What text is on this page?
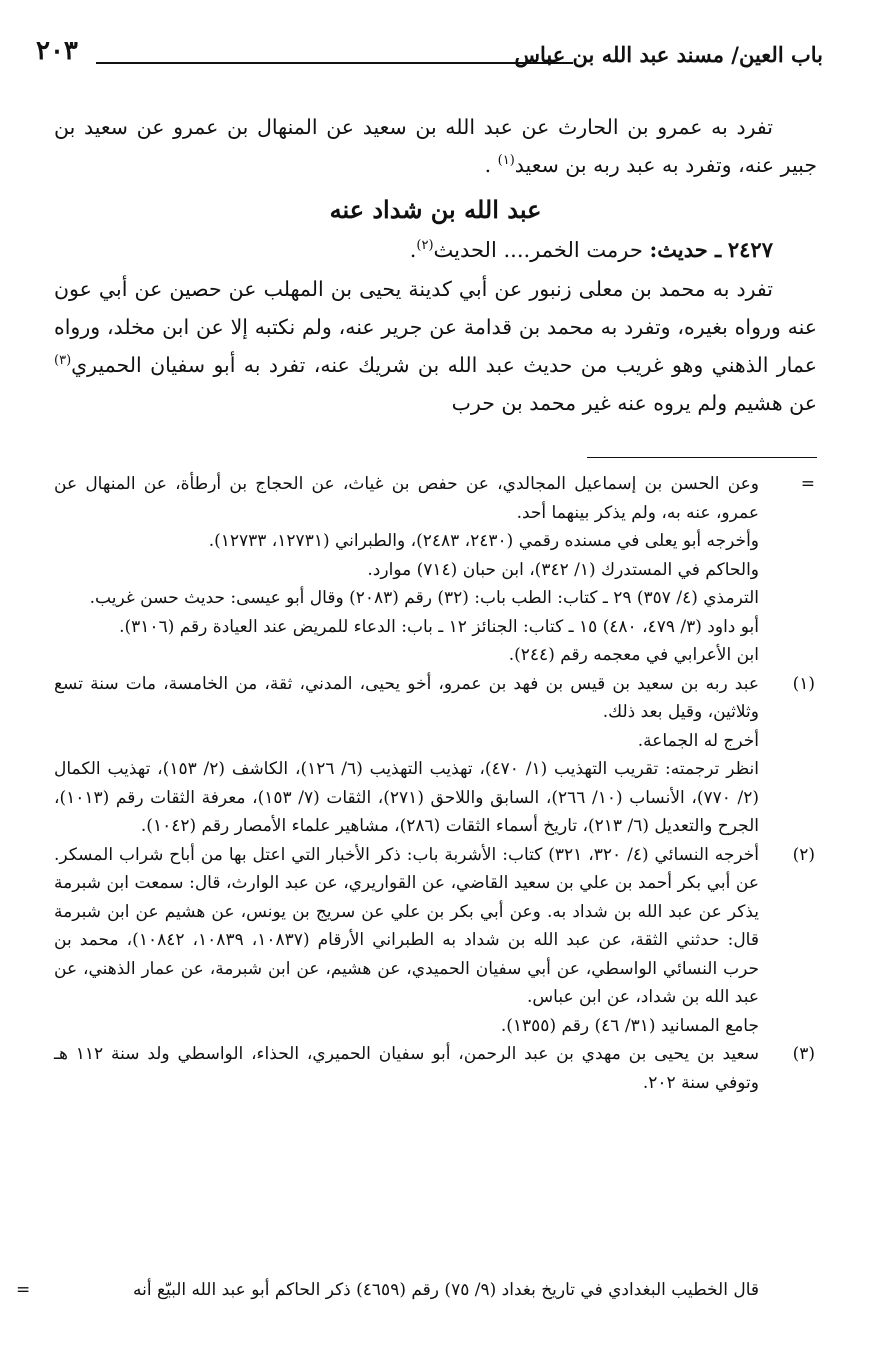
باب العين/ مسند عبد الله بن عباس
٢٠٣

تفرد به عمرو بن الحارث عن عبد الله بن سعيد عن المنهال بن عمرو عن سعيد بن جبير عنه، وتفرد به عبد ربه بن سعيد$^{(١)}$ .

عبد الله بن شداد عنه

٢٤٢٧ ـ حديث: حرمت الخمر.... الحديث$^{(٢)}$.

تفرد به محمد بن معلى زنبور عن أبي كدينة يحيى بن المهلب عن حصين عن أبي عون عنه ورواه بغيره، وتفرد به محمد بن قدامة عن جرير عنه، ولم نكتبه إلا عن ابن مخلد، ورواه عمار الذهني وهو غريب من حديث عبد الله بن شريك عنه، تفرد به أبو سفيان الحميري$^{(٣)}$ عن هشيم ولم يروه عنه غير محمد بن حرب

=
وعن الحسن بن إسماعيل المجالدي، عن حفص بن غياث، عن الحجاج بن أرطأة، عن المنهال عن عمرو، عنه به، ولم يذكر بينهما أحد.
وأخرجه أبو يعلى في مسنده رقمي (٢٤٣٠، ٢٤٨٣)، والطبراني (١٢٧٣١، ١٢٧٣٣).
والحاكم في المستدرك (١/ ٣٤٢)، ابن حبان (٧١٤) موارد.
الترمذي (٤/ ٣٥٧) ٢٩ ـ كتاب: الطب باب: (٣٢) رقم (٢٠٨٣) وقال أبو عيسى: حديث حسن غريب.
أبو داود (٣/ ٤٧٩، ٤٨٠) ١٥ ـ كتاب: الجنائز ١٢ ـ باب: الدعاء للمريض عند العيادة رقم (٣١٠٦).
ابن الأعرابي في معجمه رقم (٢٤٤).
(١)
عبد ربه بن سعيد بن قيس بن فهد بن عمرو، أخو يحيى، المدني، ثقة، من الخامسة، مات سنة تسع وثلاثين، وقيل بعد ذلك.
أخرج له الجماعة.
انظر ترجمته: تقريب التهذيب (١/ ٤٧٠)، تهذيب التهذيب (٦/ ١٢٦)، الكاشف (٢/ ١٥٣)، تهذيب الكمال (٢/ ٧٧٠)، الأنساب (١٠/ ٢٦٦)، السابق واللاحق (٢٧١)، الثقات (٧/ ١٥٣)، معرفة الثقات رقم (١٠١٣)، الجرح والتعديل (٦/ ٢١٣)، تاريخ أسماء الثقات (٢٨٦)، مشاهير علماء الأمصار رقم (١٠٤٢).
(٢)
أخرجه النسائي (٤/ ٣٢٠، ٣٢١) كتاب: الأشربة باب: ذكر الأخبار التي اعتل بها من أباح شراب المسكر. عن أبي بكر أحمد بن علي بن سعيد القاضي، عن القواريري، عن عبد الوارث، قال: سمعت ابن شبرمة يذكر عن عبد الله بن شداد به. وعن أبي بكر بن علي عن سريج بن يونس، عن هشيم عن ابن شبرمة قال: حدثني الثقة، عن عبد الله بن شداد به الطبراني الأرقام (١٠٨٣٧، ١٠٨٣٩، ١٠٨٤٢)، محمد بن حرب النسائي الواسطي، عن أبي سفيان الحميدي، عن هشيم، عن ابن شبرمة، عن عمار الذهني، عن عبد الله بن شداد، عن ابن عباس.
جامع المسانيد (٣١/ ٤٦) رقم (١٣٥٥).
(٣)
سعيد بن يحيى بن مهدي بن عبد الرحمن، أبو سفيان الحميري، الحذاء، الواسطي ولد سنة ١١٢ هـ وتوفي سنة ٢٠٢.
قال الخطيب البغدادي في تاريخ بغداد (٩/ ٧٥) رقم (٤٦٥٩) ذكر الحاكم أبو عبد الله البيّع أنه
=
